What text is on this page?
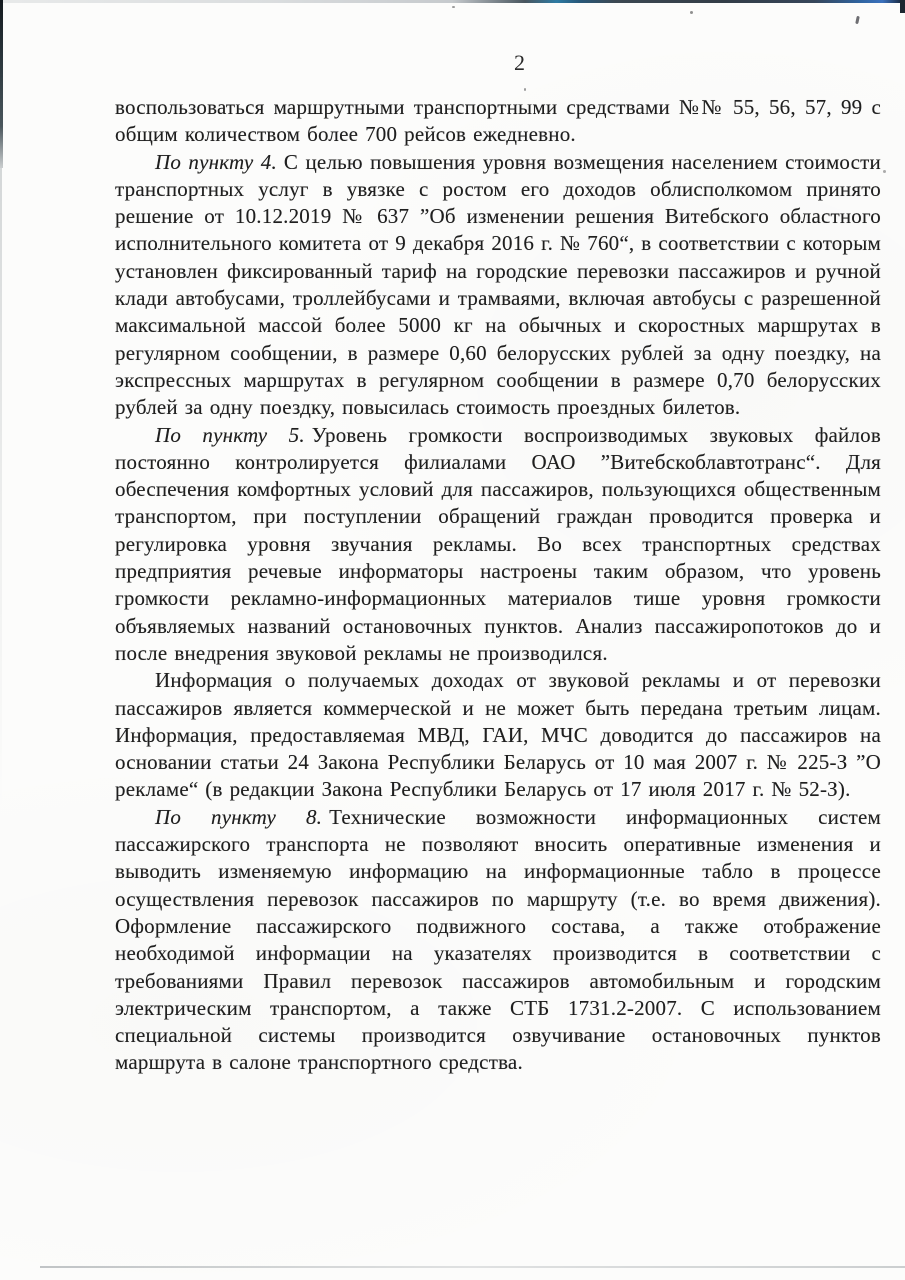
2

воспользоваться маршрутными транспортными средствами №№ 55, 56, 57, 99 с общим количеством более 700 рейсов ежедневно.

По пункту 4. С целью повышения уровня возмещения населением стоимости транспортных услуг в увязке с ростом его доходов облисполкомом принято решение от 10.12.2019 № 637 ”Об изменении решения Витебского областного исполнительного комитета от 9 декабря 2016 г. № 760“, в соответствии с которым установлен фиксированный тариф на городские перевозки пассажиров и ручной клади автобусами, троллейбусами и трамваями, включая автобусы с разрешенной максимальной массой более 5000 кг на обычных и скоростных маршрутах в регулярном сообщении, в размере 0,60 белорусских рублей за одну поездку, на экспрессных маршрутах в регулярном сообщении в размере 0,70 белорусских рублей за одну поездку, повысилась стоимость проездных билетов.

По пункту 5. Уровень громкости воспроизводимых звуковых файлов постоянно контролируется филиалами ОАО ”Витебскоблавтотранс“. Для обеспечения комфортных условий для пассажиров, пользующихся общественным транспортом, при поступлении обращений граждан проводится проверка и регулировка уровня звучания рекламы. Во всех транспортных средствах предприятия речевые информаторы настроены таким образом, что уровень громкости рекламно-информационных материалов тише уровня громкости объявляемых названий остановочных пунктов. Анализ пассажиропотоков до и после внедрения звуковой рекламы не производился.

Информация о получаемых доходах от звуковой рекламы и от перевозки пассажиров является коммерческой и не может быть передана третьим лицам. Информация, предоставляемая МВД, ГАИ, МЧС доводится до пассажиров на основании статьи 24 Закона Республики Беларусь от 10 мая 2007 г. № 225-З ”О рекламе“ (в редакции Закона Республики Беларусь от 17 июля 2017 г. № 52-З).

По пункту 8. Технические возможности информационных систем пассажирского транспорта не позволяют вносить оперативные изменения и выводить изменяемую информацию на информационные табло в процессе осуществления перевозок пассажиров по маршруту (т.е. во время движения). Оформление пассажирского подвижного состава, а также отображение необходимой информации на указателях производится в соответствии с требованиями Правил перевозок пассажиров автомобильным и городским электрическим транспортом, а также СТБ 1731.2-2007. С использованием специальной системы производится озвучивание остановочных пунктов маршрута в салоне транспортного средства.
